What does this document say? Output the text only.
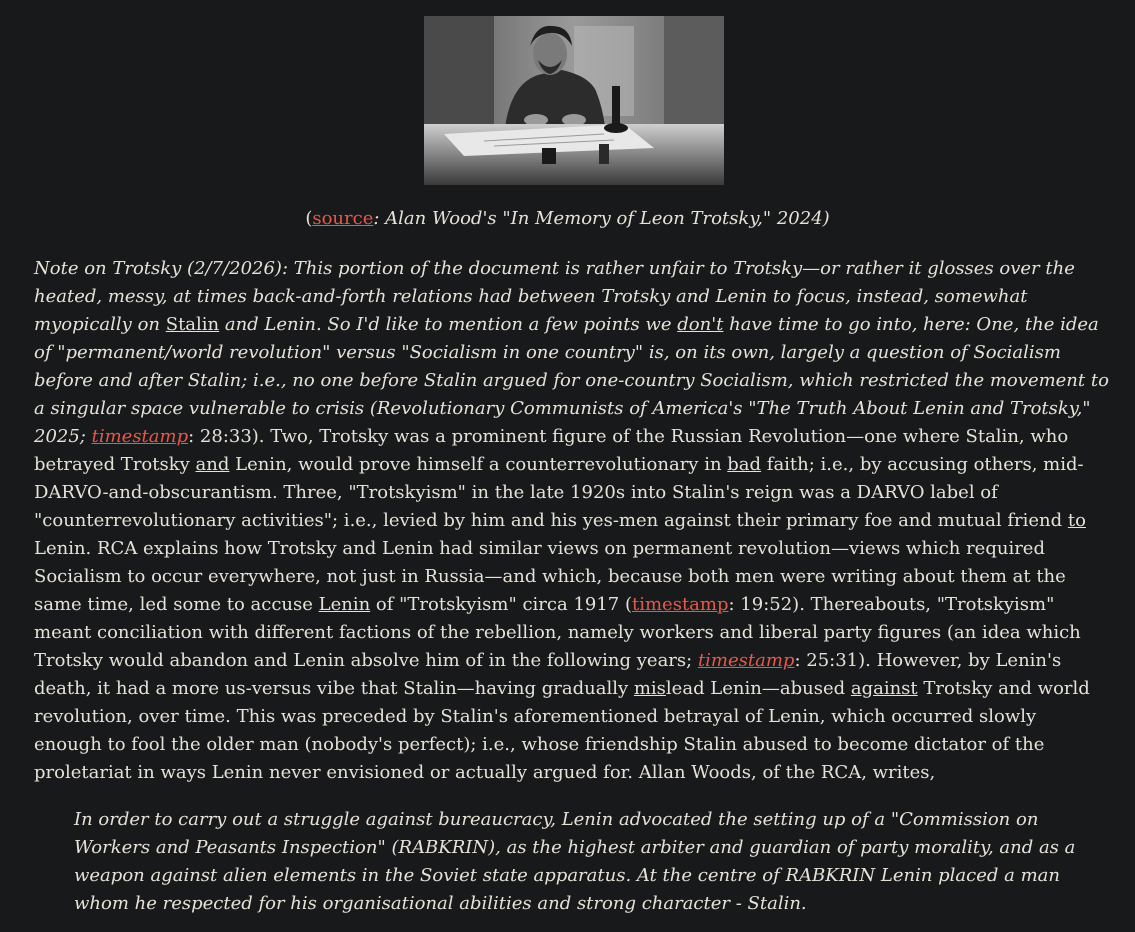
(source: Alan Wood's "In Memory of Leon Trotsky," 2024)
Note on Trotsky (2/7/2026): This portion of the document is rather unfair to Trotsky—or rather it glosses over the heated, messy, at times back-and-forth relations had between Trotsky and Lenin to focus, instead, somewhat myopically on Stalin and Lenin. So I'd like to mention a few points we don't have time to go into, here: One, the idea of "permanent/world revolution" versus "Socialism in one country" is, on its own, largely a question of Socialism before and after Stalin; i.e., no one before Stalin argued for one-country Socialism, which restricted the movement to a singular space vulnerable to crisis (Revolutionary Communists of America's "The Truth About Lenin and Trotsky," 2025; timestamp: 28:33). Two, Trotsky was a prominent figure of the Russian Revolution—one where Stalin, who betrayed Trotsky and Lenin, would prove himself a counterrevolutionary in bad faith; i.e., by accusing others, mid-DARVO-and-obscurantism. Three, "Trotskyism" in the late 1920s into Stalin's reign was a DARVO label of "counterrevolutionary activities"; i.e., levied by him and his yes-men against their primary foe and mutual friend to Lenin. RCA explains how Trotsky and Lenin had similar views on permanent revolution—views which required Socialism to occur everywhere, not just in Russia—and which, because both men were writing about them at the same time, led some to accuse Lenin of "Trotskyism" circa 1917 (timestamp: 19:52). Thereabouts, "Trotskyism" meant conciliation with different factions of the rebellion, namely workers and liberal party figures (an idea which Trotsky would abandon and Lenin absolve him of in the following years; timestamp: 25:31). However, by Lenin's death, it had a more us-versus vibe that Stalin—having gradually mislead Lenin—abused against Trotsky and world revolution, over time. This was preceded by Stalin's aforementioned betrayal of Lenin, which occurred slowly enough to fool the older man (nobody's perfect); i.e., whose friendship Stalin abused to become dictator of the proletariat in ways Lenin never envisioned or actually argued for. Allan Woods, of the RCA, writes,
In order to carry out a struggle against bureaucracy, Lenin advocated the setting up of a "Commission on Workers and Peasants Inspection" (RABKRIN), as the highest arbiter and guardian of party morality, and as a weapon against alien elements in the Soviet state apparatus. At the centre of RABKRIN Lenin placed a man whom he respected for his organisational abilities and strong character - Stalin.
